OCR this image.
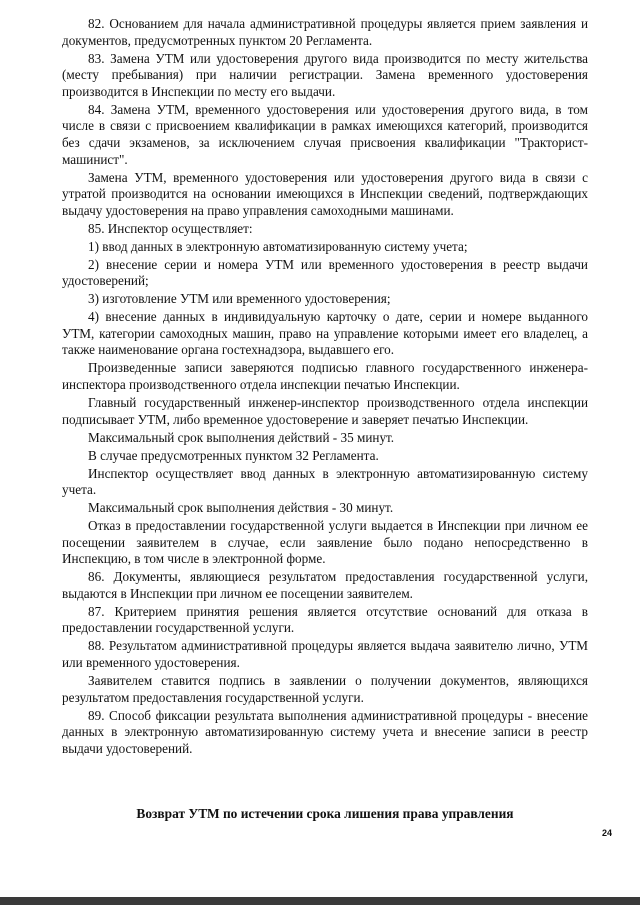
82. Основанием для начала административной процедуры является прием заявления и документов, предусмотренных пунктом 20 Регламента.

83. Замена УТМ или удостоверения другого вида производится по месту жительства (месту пребывания) при наличии регистрации. Замена временного удостоверения производится в Инспекции по месту его выдачи.

84. Замена УТМ, временного удостоверения или удостоверения другого вида, в том числе в связи с присвоением квалификации в рамках имеющихся категорий, производится без сдачи экзаменов, за исключением случая присвоения квалификации "Тракторист-машинист".

Замена УТМ, временного удостоверения или удостоверения другого вида в связи с утратой производится на основании имеющихся в Инспекции сведений, подтверждающих выдачу удостоверения на право управления самоходными машинами.

85. Инспектор осуществляет:

1) ввод данных в электронную автоматизированную систему учета;

2) внесение серии и номера УТМ или временного удостоверения в реестр выдачи удостоверений;

3) изготовление УТМ или временного удостоверения;

4) внесение данных в индивидуальную карточку о дате, серии и номере выданного УТМ, категории самоходных машин, право на управление которыми имеет его владелец, а также наименование органа гостехнадзора, выдавшего его.

Произведенные записи заверяются подписью главного государственного инженера-инспектора производственного отдела инспекции печатью Инспекции.

Главный государственный инженер-инспектор производственного отдела инспекции подписывает УТМ, либо временное удостоверение и заверяет печатью Инспекции.

Максимальный срок выполнения действий - 35 минут.

В случае предусмотренных пунктом 32 Регламента.

Инспектор осуществляет ввод данных в электронную автоматизированную систему учета.

Максимальный срок выполнения действия - 30 минут.

Отказ в предоставлении государственной услуги выдается в Инспекции при личном ее посещении заявителем в случае, если заявление было подано непосредственно в Инспекцию, в том числе в электронной форме.

86. Документы, являющиеся результатом предоставления государственной услуги, выдаются в Инспекции при личном ее посещении заявителем.

87. Критерием принятия решения является отсутствие оснований для отказа в предоставлении государственной услуги.

88. Результатом административной процедуры является выдача заявителю лично, УТМ или временного удостоверения.

Заявителем ставится подпись в заявлении о получении документов, являющихся результатом предоставления государственной услуги.

89. Способ фиксации результата выполнения административной процедуры - внесение данных в электронную автоматизированную систему учета и внесение записи в реестр выдачи удостоверений.

Возврат УТМ по истечении срока лишения права управления
24
